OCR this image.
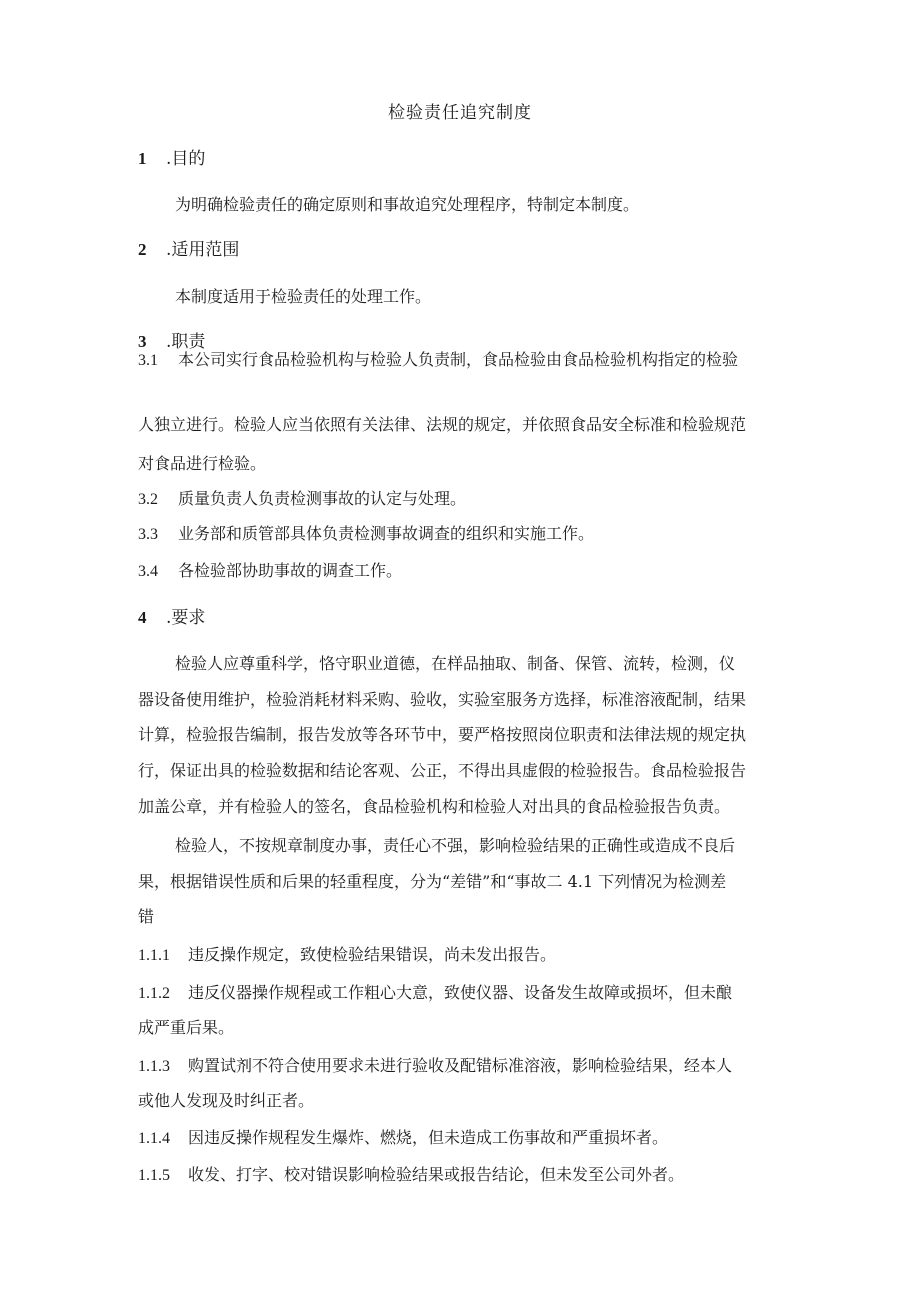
检验责任追究制度
1 .目的
为明确检验责任的确定原则和事故追究处理程序，特制定本制度。
2 .适用范围
本制度适用于检验责任的处理工作。
3 .职责
3.1 本公司实行食品检验机构与检验人负责制，食品检验由食品检验机构指定的检验
人独立进行。检验人应当依照有关法律、法规的规定，并依照食品安全标准和检验规范
对食品进行检验。
3.2 质量负责人负责检测事故的认定与处理。
3.3 业务部和质管部具体负责检测事故调查的组织和实施工作。
3.4 各检验部协助事故的调查工作。
4 .要求
检验人应尊重科学，恪守职业道德，在样品抽取、制备、保管、流转，检测，仪
器设备使用维护，检验消耗材料采购、验收，实验室服务方选择，标准溶液配制，结果
计算，检验报告编制，报告发放等各环节中，要严格按照岗位职责和法律法规的规定执
行，保证出具的检验数据和结论客观、公正，不得出具虚假的检验报告。食品检验报告
加盖公章，并有检验人的签名，食品检验机构和检验人对出具的食品检验报告负责。
检验人，不按规章制度办事，责任心不强，影响检验结果的正确性或造成不良后
果，根据错误性质和后果的轻重程度，分为“差错”和“事故二 4.1 下列情况为检测差
错
1.1.1 违反操作规定，致使检验结果错误，尚未发出报告。
1.1.2 违反仪器操作规程或工作粗心大意，致使仪器、设备发生故障或损坏，但未酿
成严重后果。
1.1.3 购置试剂不符合使用要求未进行验收及配错标准溶液，影响检验结果，经本人
或他人发现及时纠正者。
1.1.4 因违反操作规程发生爆炸、燃烧，但未造成工伤事故和严重损坏者。
1.1.5 收发、打字、校对错误影响检验结果或报告结论，但未发至公司外者。
